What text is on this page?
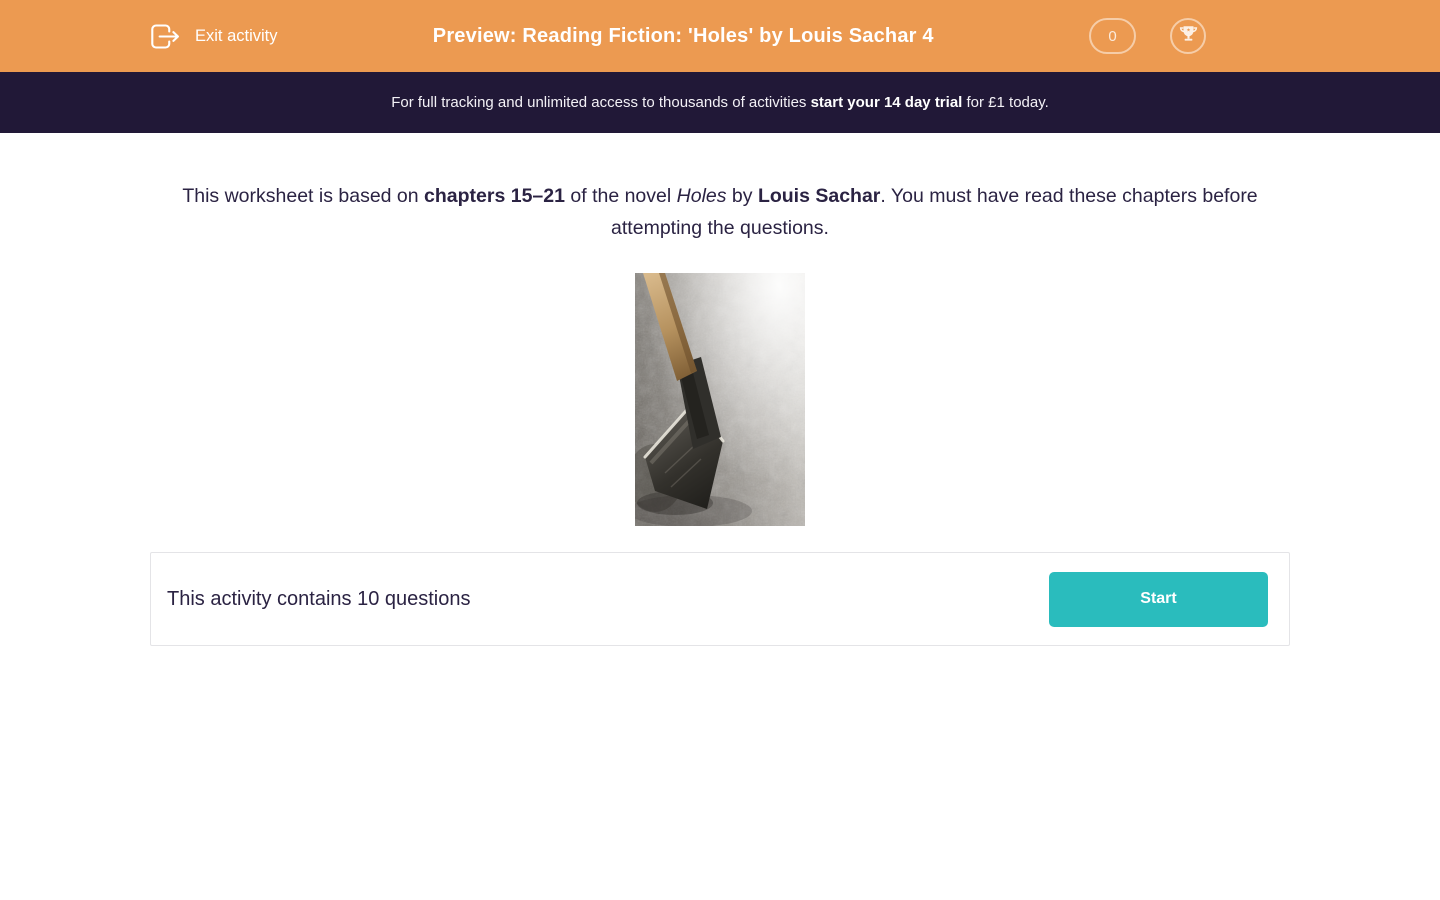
Exit activity	Preview: Reading Fiction: 'Holes' by Louis Sachar 4	0

For full tracking and unlimited access to thousands of activities start your 14 day trial for £1 today.

This worksheet is based on chapters 15–21 of the novel Holes by Louis Sachar. You must have read these chapters before attempting the questions.

This activity contains 10 questions	Start
